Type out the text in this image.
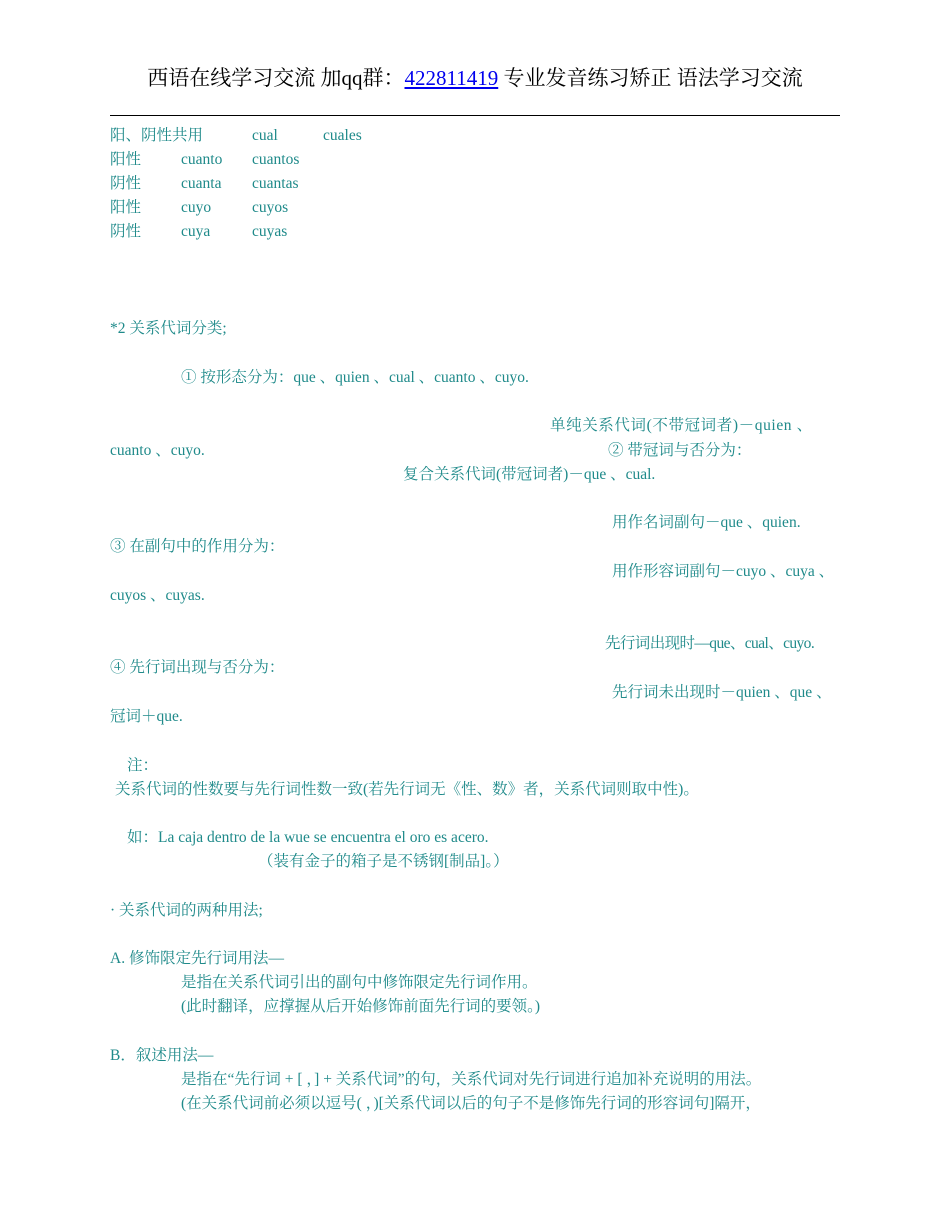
西语在线学习交流 加qq群：422811419 专业发音练习矫正 语法学习交流
阳、阴性共用	cual	cuales
阳性	cuanto cuantos
阴性	cuanta cuantas
阳性	cuyo	cuyos
阴性	cuya	cuyas
*2 关系代词分类;
① 按形态分为：que 、quien 、cual 、cuanto 、cuyo.
单纯关系代词(不带冠词者)－quien 、
cuanto 、cuyo.	② 带冠词与否分为：
复合关系代词(带冠词者)－que 、cual.
用作名词副句－que 、quien.
③ 在副句中的作用分为：
用作形容词副句－cuyo 、cuya 、
cuyos 、cuyas.
先行词出现时—que、cual、cuyo.
④ 先行词出现与否分为：
先行词未出现时－quien 、que 、
冠词＋que.
注：
关系代词的性数要与先行词性数一致(若先行词无《性、数》者，关系代词则取中性)。
如：La caja dentro de la wue se encuentra el oro es acero.
（装有金子的箱子是不锈钢[制品]。）
· 关系代词的两种用法;
A. 修饰限定先行词用法—
是指在关系代词引出的副句中修饰限定先行词作用。
(此时翻译，应撑握从后开始修饰前面先行词的要领。)
B．叙述用法—
是指在“先行词 + [ ，] + 关系代词”的句，关系代词对先行词进行追加补充说明的用法。
(在关系代词前必须以逗号( ，)[关系代词以后的句子不是修饰先行词的形容词句]隔开，
